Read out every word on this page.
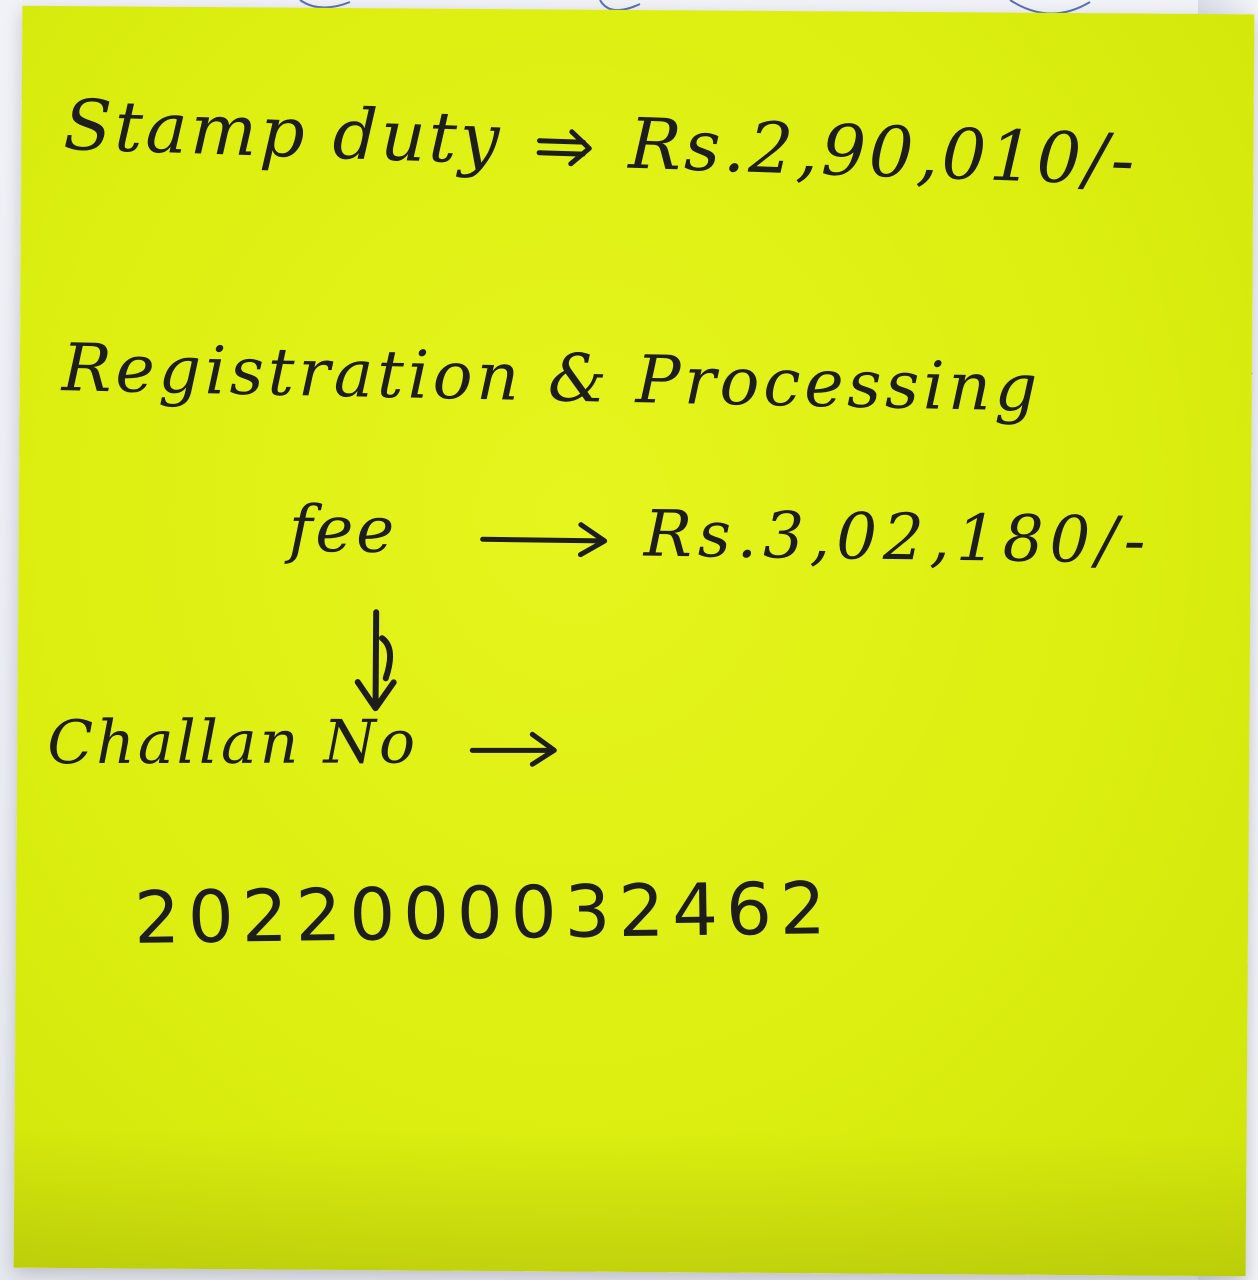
Stamp duty Rs.2,90,010/-
Registration & Processing
fee	Rs.3,02,180/-
Challan No
2022000032462
